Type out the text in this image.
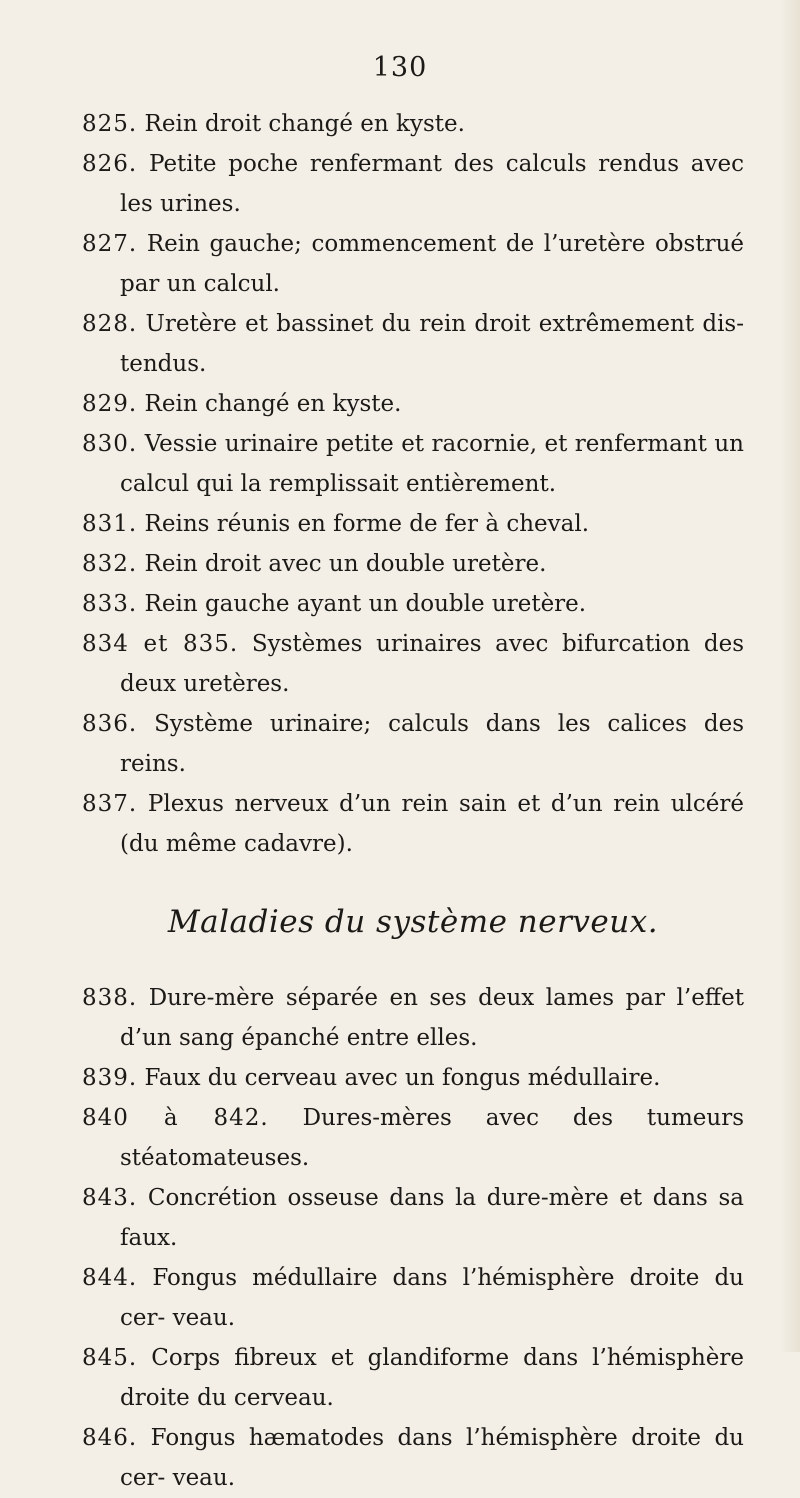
130

825. Rein droit changé en kyste.

826. Petite poche renfermant des calculs rendus avec les urines.

827. Rein gauche; commencement de l’uretère obstrué par un calcul.

828. Uretère et bassinet du rein droit extrêmement dis- tendus.

829. Rein changé en kyste.

830. Vessie urinaire petite et racornie, et renfermant un calcul qui la remplissait entièrement.

831. Reins réunis en forme de fer à cheval.

832. Rein droit avec un double uretère.

833. Rein gauche ayant un double uretère.

834 et 835. Systèmes urinaires avec bifurcation des deux uretères.

836. Système urinaire; calculs dans les calices des reins.

837. Plexus nerveux d’un rein sain et d’un rein ulcéré (du même cadavre).

Maladies du système nerveux.

838. Dure-mère séparée en ses deux lames par l’effet d’un sang épanché entre elles.

839. Faux du cerveau avec un fongus médullaire.

840 à 842. Dures-mères avec des tumeurs stéatomateuses.

843. Concrétion osseuse dans la dure-mère et dans sa faux.

844. Fongus médullaire dans l’hémisphère droite du cer- veau.

845. Corps fibreux et glandiforme dans l’hémisphère droite du cerveau.

846. Fongus hæmatodes dans l’hémisphère droite du cer- veau.
